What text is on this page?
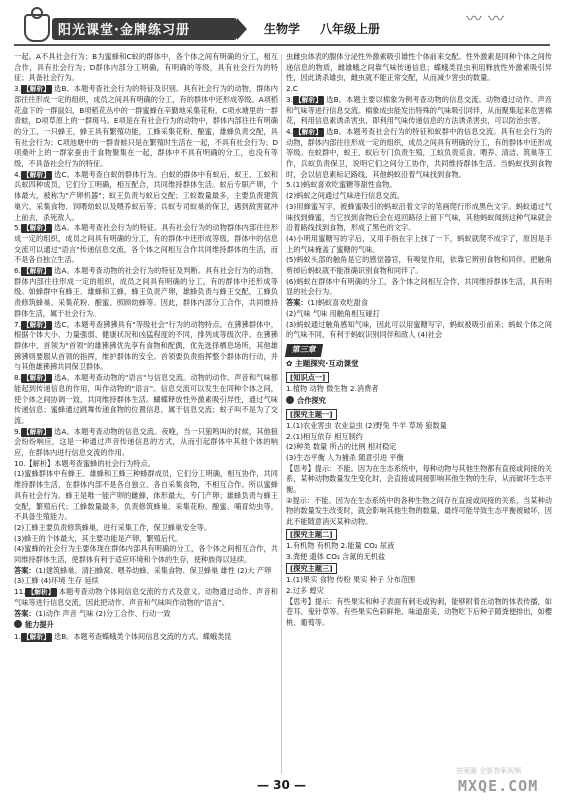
阳光课堂·金牌练习册	生物学 八年级上册
〰〰

一起。A不具社会行为；B为蜜蜂和C蚁的群体中，各个体之间有明确的分工，相互合作，具有社会行为；D群体内部分工明确，有明确的等级，具有社会行为的特征；具备社会行为。

3. 【解析】 选B。本题考查社会行为的特征及识别。具有社会行为的动物，群体内部往往形成一定的组织，成员之间具有明确的分工，有的群体中还形成等级。A项稻花盒下的一群鼠妇，B项稻花丛中的一群蜜蜂在辛勤地采集花粉，C项水塘里的一群青蛙，D项草原上的一群斑马。E项是在有社会行为的动物中，群体内部往往有明确的分工，一只蜂王，蜂王具有繁殖功能，工蜂采集花粉、酿蜜，雄蜂负责交配，具有社会行为；C项池塘中的一群青蛙只是在繁殖时生活在一起，不具有社会行为；D项桑叶上的一群家蚕由于食物聚集在一起，群体中不具有明确的分工，也没有等级，不具备社会行为的特征。

4. 【解析】 选C。本题考查白蚁的群体行为。白蚁的群体中有蚁后、蚁王、工蚁和兵蚁四种成员，它们分工明确，相互配合，共同维持群体生活。蚁后专职产卵，个体最大，被称为"产卵机器"；蚁王负责与蚁后交配；工蚁数量最多，主要负责建筑巢穴、采集食物、饲喂幼蚁以及喂养蚁后等；兵蚁专司蚁巢的保卫，遇到敌害就冲上前去，杀死敌人。

5. 【解析】 选A。本题考查社会行为的特征。具有社会行为的动物群体内部往往形成一定的组织，成员之间具有明确的分工，有的群体中还形成等级。群体中的信息交流可以通过"语言"传递信息交流，各个体之间相互合作共同维持群体的生活，而不是各自独立生活。

6. 【解析】 选A。本题考查动物的社会行为的特征及判断。具有社会行为的动物，群体内部往往形成一定的组织，成员之间具有明确的分工，有的群体中还形成等级。如蜂群中有蜂王、雄蜂和工蜂，蜂王负责产卵，雄蜂负责与蜂王交配，工蜂负责修筑蜂巢、采集花粉、酿蜜、照顾幼蜂等。因此，群体内部分工合作，共同维持群体生活，属于社会行为。

7. 【解析】 选C。本题考查狒狒具有"等级社会"行为的动物特点。在狒狒群体中，根据个体大小、力量强弱、健康状况和凶猛程度的不同，排列成等级次序。在狒狒群体中，首领为"首领"的雄狒狒优先享有食物和配偶，优先选择栖息场所，其他雄狒狒则要服从首领的指挥，维护群体的安全。首领要负责指挥整个群体的行动，并与其他雄狒狒共同保卫群体。

8. 【解析】 选A。本题考查动物的"语言"与信息交流。动物的动作、声音和气味都能起到传递信息的作用，叫作动物的"语言"。信息交流可以发生在同种个体之间，使个体之间协调一致，共同维持群体生活。蝴蝶释放性外激素吸引异性，通过气味传递信息；蜜蜂通过跳舞传递食物的位置信息，属于信息交流；蚊子叫不是为了交流。

9. 【解析】 选A。本题考查动物的信息交流。夜晚，当一只狼鸣叫的时候，其他狼会纷纷响应，这是一种通过声音传递信息的方式，从而引起群体中其他个体的响应，在群体内进行信息交流的作用。

10.【解析】本题考查蜜蜂的社会行为特点。

(1)蜜蜂群体中有蜂王、雄蜂和工蜂三种蜂群成员，它们分工明确，相互协作，共同维持群体生活，在群体内部不是各自独立、各自采集食物，不相互合作。所以蜜蜂具有社会行为。蜂王是唯一能产卵的雌蜂，体形最大，专门产卵；雄蜂负责与蜂王交配，繁殖后代；工蜂数量最多，负责修筑蜂巢、采集花粉、酿蜜、哺育幼虫等，不具备生殖能力。

(2)工蜂主要负责修筑蜂巢，进行采集工作，保卫蜂巢安全等。

(3)蜂王的个体最大，其主要功能是产卵，繁殖后代。

(4)蜜蜂的社会行为主要体现在群体内部具有明确的分工，各个体之间相互合作，共同维持群体生活，使群体有利于适应环境和个体的生存，使种族得以延续。

答案：(1)建筑蜂巢、清扫蜂窝、喂养幼蜂、采集食物、保卫蜂巢 雄性 (2)大 产卵

(3)工蜂 (4)环境 生存 延续

11. 【解析】 本题考查动物个体间信息交流的方式及意义。动物通过动作、声音和气味等进行信息交流，因此把动作、声音和气味叫作动物的"语言"。

答案：(1)动作 声音 气味 (2)分工合作、行动一致

能力提升

1. 【解析】 选B。本题考查蝶蛾类个体间信息交流的方式。蝶蛾类昆

虫雌虫体表的腺体分泌性外激素吸引雄性个体前来交配。性外激素是同种个体之间传递信息的物质，雌雄蛾之间靠气味传递信息；蝶蛾类昆虫利用释放性外激素吸引异性，因此诱杀雄虫，雌虫就不能正常交配，从而减少害虫的数量。

2.C

3. 【解析】 选B。本题主要以棉象为例考查动物的信息交流。动物通过动作、声音和气味等进行信息交流。棉象成虫能发出特殊的气味吸引同伴，从而聚集起来危害棉花，利用信息素诱杀害虫，即利用气味传递信息的方法诱杀害虫，可以防治虫害。

4. 【解析】 选B。本题考查社会行为的特征和蚁群中的信息交流。具有社会行为的动物，群体内部往往形成一定的组织，成员之间具有明确的分工，有的群体中还形成等级。在蚁群中，蚁王、蚁后专门负责生殖，工蚁负责觅食、喂养、清洁、筑巢等工作，兵蚁负责保卫，说明它们之间分工协作，共同维持群体生活。当蚂蚁找到食物时，会以信息素标记路线，其他蚂蚁沿着气味找到食物。

5.(1)蚂蚁喜欢吃蜜糖等甜性食物。

(2)蚂蚁之间通过气味进行信息交流。

(3)用蜂蜜写字，被蜂蜜吸引的蚂蚁沿着文字的笔画爬行形成黑色文字。蚂蚁通过气味找到蜂蜜，当它找到食物后会在返回路径上留下气味，其他蚂蚁闻到这种气味就会沿着路线找到食物，形成了黑色的文字。

(4)小明用蜜糖写的字后，又用手指在字上抹了一下，蚂蚁就爬不成字了，原因是手上的气味掩盖了蜜糖的气味。

(5)蚂蚁头部的触角是它的感觉器官，有嗅觉作用，依靠它辨别食物和同伴。把触角剪掉后蚂蚁就不能准确识别食物和同伴了。

(6)蚂蚁在群体中有明确的分工，各个体之间相互合作，共同维持群体生活，具有明显的社会行为。

答案：(1)蚂蚁喜欢吃甜食

(2)气味 气味 用触角相互碰打

(3)蚂蚁通过触角感知气味，因此可以用蜜糖写字，蚂蚁被吸引前来；蚂蚁个体之间的气味不同，有利于蚂蚁识别同伴和敌人 (4)社会

第三章
✿ 主题探究·互动课堂
[知识点一]

1.植物 动物 微生物 2.消费者

合作探究
[探究主题一]

1.(1)农业害虫 农业益虫 (2)野兔 牛羊 草场 狼数量

2.(1)相互依存 相互制约

(2)种类 数量 所占的比例 相对稳定

(3)生态平衡 人为捕杀 随意引进 平衡

【思考】提示：不能。因为在生态系统中，每种动物与其他生物都有直接或间接的关系，某种动物数量发生变化时，会直接或间接影响其他生物的生存，从而破坏生态平衡。

②提示：不能。因为在生态系统中的各种生物之间存在直接或间接的关系，当某种动物的数量发生改变时，就会影响其他生物的数量，最终可能导致生态平衡被破坏，因此不能随意消灭某种动物。

[探究主题二]

1.有机物 有机物 2.能量 CO₂ 尿液

3.粪便 遗体 CO₂ 含氮的无机盐

[探究主题三]

1.(1)果实 食物 传粉 果实 种子 分布范围

2.过多 蝗灾

【思考】提示：有些果实和种子表面有刺毛或钩刺，能够附着在动物的体表传播，如苍耳、鬼针草等。有些果实色彩鲜艳、味道甜美，动物吃下后种子随粪便排出，如樱桃、葡萄等。

— 30 —
答案圈 全新答案视频
MXQE.COM
